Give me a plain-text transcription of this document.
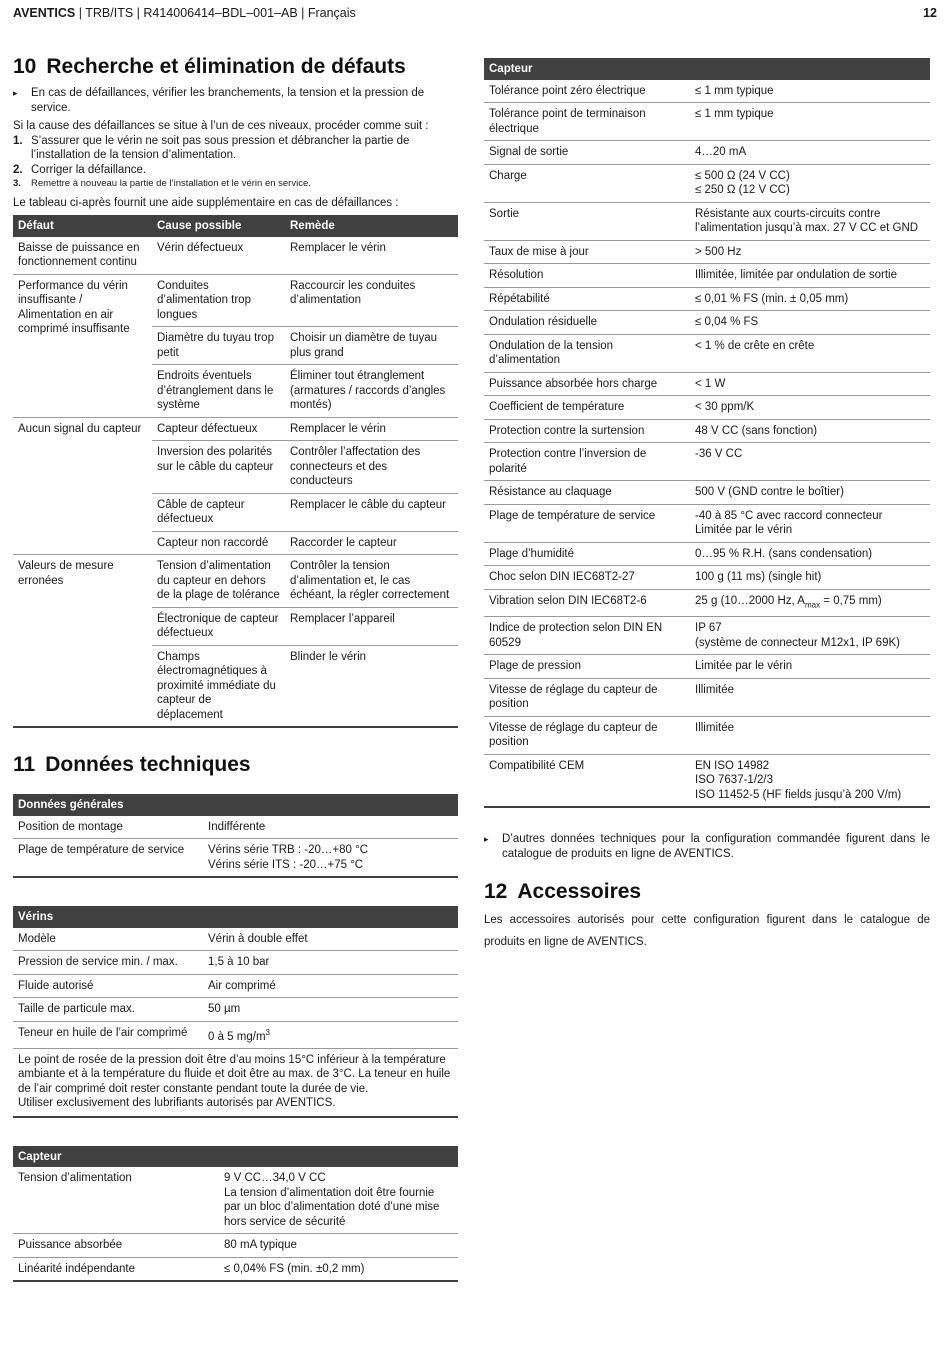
AVENTICS | TRB/ITS | R414006414–BDL–001–AB | Français	12
10 Recherche et élimination de défauts

▸ En cas de défaillances, vérifier les branchements, la tension et la pression de service.

Si la cause des défaillances se situe à l’un de ces niveaux, procéder comme suit :

1. S’assurer que le vérin ne soit pas sous pression et débrancher la partie de l’installation de la tension d’alimentation.
2. Corriger la défaillance.
3. Remettre à nouveau la partie de l’installation et le vérin en service.

Le tableau ci-après fournit une aide supplémentaire en cas de défaillances :

Défaut	Cause possible	Remède
Baisse de puissance en fonctionnement continu	Vérin défectueux	Remplacer le vérin
Performance du vérin insuffisante / Alimentation en air comprimé insuffisante	Conduites d’alimentation trop longues	Raccourcir les conduites d’alimentation
	Diamètre du tuyau trop petit	Choisir un diamètre de tuyau plus grand
	Endroits éventuels d’étranglement dans le système	Éliminer tout étranglement (armatures / raccords d’angles montés)
Aucun signal du capteur	Capteur défectueux	Remplacer le vérin
	Inversion des polarités sur le câble du capteur	Contrôler l’affectation des connecteurs et des conducteurs
	Câble de capteur défectueux	Remplacer le câble du capteur
	Capteur non raccordé	Raccorder le capteur
Valeurs de mesure erronées	Tension d’alimentation du capteur en dehors de la plage de tolérance	Contrôler la tension d’alimentation et, le cas échéant, la régler correctement
	Électronique de capteur défectueux	Remplacer l’appareil
	Champs électromagnétiques à proximité immédiate du capteur de déplacement	Blinder le vérin
11 Données techniques
Données générales	
Position de montage	Indifférente
Plage de température de service	Vérins série TRB : -20…+80 °C
Vérins série ITS : -20…+75 °C
Vérins	
Modèle	Vérin à double effet
Pression de service min. / max.	1,5 à 10 bar
Fluide autorisé	Air comprimé
Taille de particule max.	50 µm
Teneur en huile de l’air comprimé	0 à 5 $mg/m^3$
Le point de rosée de la pression doit être d’au moins 15°C inférieur à la température ambiante et à la température du fluide et doit être au max. de 3°C. La teneur en huile de l’air comprimé doit rester constante pendant toute la durée de vie.
Utiliser exclusivement des lubrifiants autorisés par AVENTICS.	
Capteur	
Tension d’alimentation	9 V CC…34,0 V CC
La tension d’alimentation doit être fournie par un bloc d’alimentation doté d’une mise hors service de sécurité
Puissance absorbée	80 mA typique
Linéarité indépendante	≤ 0,04% FS (min. ±0,2 mm)
Capteur	
Tolérance point zéro électrique	≤ 1 mm typique
Tolérance point de terminaison électrique	≤ 1 mm typique
Signal de sortie	4…20 mA
Charge	≤ 500 Ω (24 V CC)
≤ 250 Ω (12 V CC)
Sortie	Résistante aux courts-circuits contre l’alimentation jusqu’à max. 27 V CC et GND
Taux de mise à jour	> 500 Hz
Résolution	Illimitée, limitée par ondulation de sortie
Répétabilité	≤ 0,01 % FS (min. ± 0,05 mm)
Ondulation résiduelle	≤ 0,04 % FS
Ondulation de la tension d’alimentation	< 1 % de crête en crête
Puissance absorbée hors charge	< 1 W
Coefficient de température	< 30 ppm/K
Protection contre la surtension	48 V CC (sans fonction)
Protection contre l’inversion de polarité	-36 V CC
Résistance au claquage	500 V (GND contre le boîtier)
Plage de température de service	-40 à 85 °C avec raccord connecteur
Limitée par le vérin
Plage d’humidité	0…95 % R.H. (sans condensation)
Choc selon DIN IEC68T2-27	100 g (11 ms) (single hit)
Vibration selon DIN IEC68T2-6	25 g (10…2000 Hz, $A_{max} = 0,75$ mm)
Indice de protection selon DIN EN 60529	IP 67
(système de connecteur M12x1, IP 69K)
Plage de pression	Limitée par le vérin
Vitesse de réglage du capteur de position	Illimitée
Vitesse de réglage du capteur de position	Illimitée
Compatibilité CEM	EN ISO 14982
ISO 7637-1/2/3
ISO 11452-5 (HF fields jusqu’à 200 V/m)

▸ D’autres données techniques pour la configuration commandée figurent dans le catalogue de produits en ligne de AVENTICS.

12 Accessoires

Les accessoires autorisés pour cette configuration figurent dans le catalogue de produits en ligne de AVENTICS.
